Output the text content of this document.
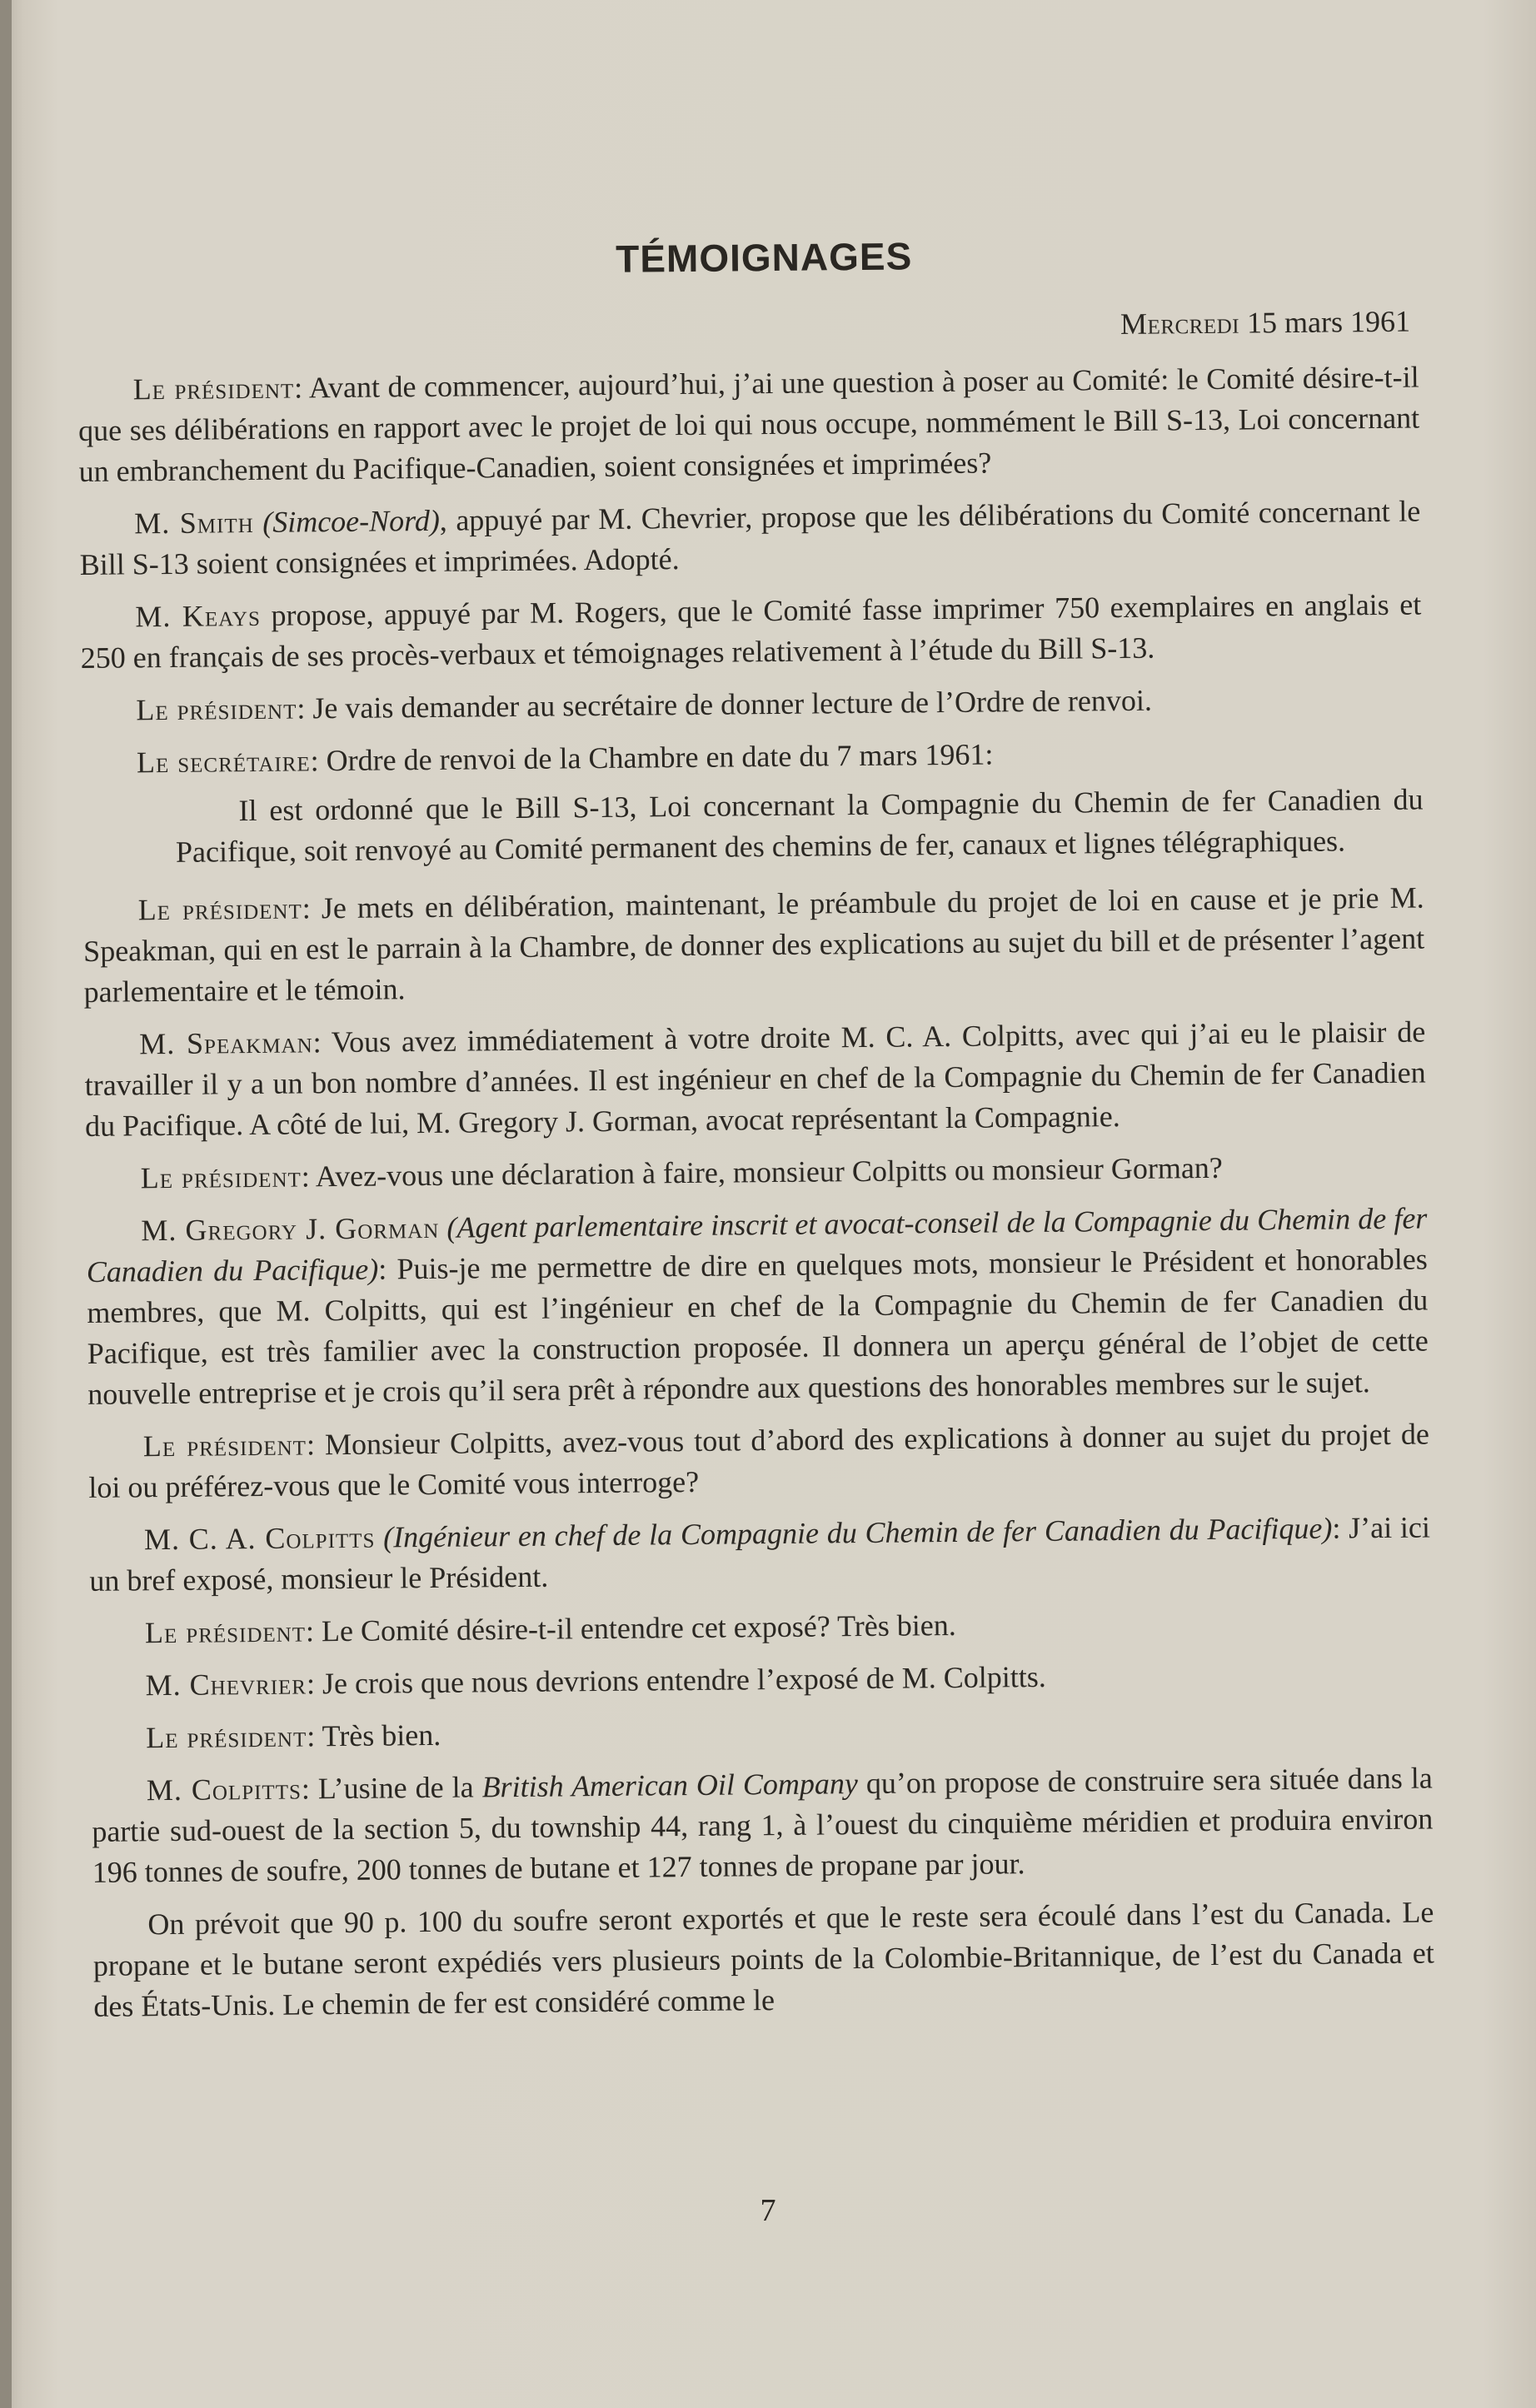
TÉMOIGNAGES
Mercredi 15 mars 1961

Le président: Avant de commencer, aujourd’hui, j’ai une question à poser au Comité: le Comité désire-t-il que ses délibérations en rapport avec le projet de loi qui nous occupe, nommément le Bill S-13, Loi concernant un embranchement du Pacifique-Canadien, soient consignées et imprimées?

M. Smith (Simcoe-Nord), appuyé par M. Chevrier, propose que les délibérations du Comité concernant le Bill S-13 soient consignées et imprimées. Adopté.

M. Keays propose, appuyé par M. Rogers, que le Comité fasse imprimer 750 exemplaires en anglais et 250 en français de ses procès-verbaux et témoignages relativement à l’étude du Bill S-13.

Le président: Je vais demander au secrétaire de donner lecture de l’Ordre de renvoi.

Le secrétaire: Ordre de renvoi de la Chambre en date du 7 mars 1961:

Il est ordonné que le Bill S-13, Loi concernant la Compagnie du Chemin de fer Canadien du Pacifique, soit renvoyé au Comité permanent des chemins de fer, canaux et lignes télégraphiques.

Le président: Je mets en délibération, maintenant, le préambule du projet de loi en cause et je prie M. Speakman, qui en est le parrain à la Chambre, de donner des explications au sujet du bill et de présenter l’agent parlementaire et le témoin.

M. Speakman: Vous avez immédiatement à votre droite M. C. A. Colpitts, avec qui j’ai eu le plaisir de travailler il y a un bon nombre d’années. Il est ingénieur en chef de la Compagnie du Chemin de fer Canadien du Pacifique. A côté de lui, M. Gregory J. Gorman, avocat représentant la Compagnie.

Le président: Avez-vous une déclaration à faire, monsieur Colpitts ou monsieur Gorman?

M. Gregory J. Gorman (Agent parlementaire inscrit et avocat-conseil de la Compagnie du Chemin de fer Canadien du Pacifique): Puis-je me permettre de dire en quelques mots, monsieur le Président et honorables membres, que M. Colpitts, qui est l’ingénieur en chef de la Compagnie du Chemin de fer Canadien du Pacifique, est très familier avec la construction proposée. Il donnera un aperçu général de l’objet de cette nouvelle entreprise et je crois qu’il sera prêt à répondre aux questions des honorables membres sur le sujet.

Le président: Monsieur Colpitts, avez-vous tout d’abord des explications à donner au sujet du projet de loi ou préférez-vous que le Comité vous interroge?

M. C. A. Colpitts (Ingénieur en chef de la Compagnie du Chemin de fer Canadien du Pacifique): J’ai ici un bref exposé, monsieur le Président.

Le président: Le Comité désire-t-il entendre cet exposé? Très bien.

M. Chevrier: Je crois que nous devrions entendre l’exposé de M. Colpitts.

Le président: Très bien.

M. Colpitts: L’usine de la British American Oil Company qu’on propose de construire sera située dans la partie sud-ouest de la section 5, du township 44, rang 1, à l’ouest du cinquième méridien et produira environ 196 tonnes de soufre, 200 tonnes de butane et 127 tonnes de propane par jour.

On prévoit que 90 p. 100 du soufre seront exportés et que le reste sera écoulé dans l’est du Canada. Le propane et le butane seront expédiés vers plusieurs points de la Colombie-Britannique, de l’est du Canada et des États-Unis. Le chemin de fer est considéré comme le

7
